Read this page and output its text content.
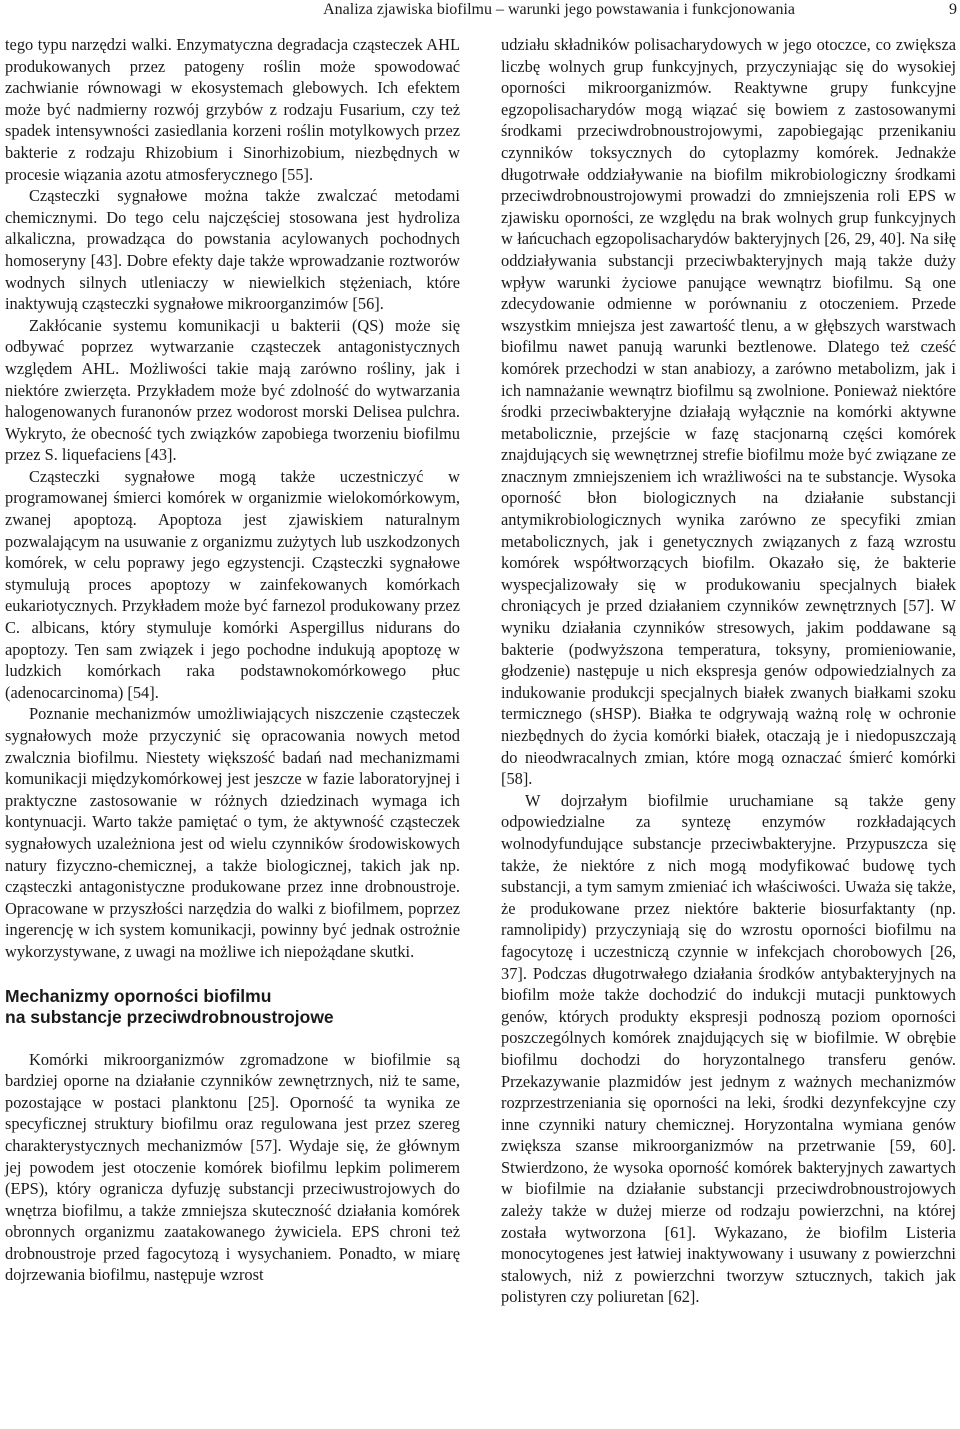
Analiza zjawiska biofilmu – warunki jego powstawania i funkcjonowania	9

tego typu narzędzi walki. Enzymatyczna degradacja cząsteczek AHL produkowanych przez patogeny roślin może spowodować zachwianie równowagi w ekosystemach glebowych. Ich efektem może być nadmierny rozwój grzybów z rodzaju Fusarium, czy też spadek intensywności zasiedlania korzeni roślin motylkowych przez bakterie z rodzaju Rhizobium i Sinorhizobium, niezbędnych w procesie wiązania azotu atmosferycznego [55].

Cząsteczki sygnałowe można także zwalczać metodami chemicznymi. Do tego celu najczęściej stosowana jest hydroliza alkaliczna, prowadząca do powstania acylowanych pochodnych homoseryny [43]. Dobre efekty daje także wprowadzanie roztworów wodnych silnych utleniaczy w niewielkich stężeniach, które inaktywują cząsteczki sygnałowe mikroorganzimów [56].

Zakłócanie systemu komunikacji u bakterii (QS) może się odbywać poprzez wytwarzanie cząsteczek antagonistycznych względem AHL. Możliwości takie mają zarówno rośliny, jak i niektóre zwierzęta. Przykładem może być zdolność do wytwarzania halogenowanych furanonów przez wodorost morski Delisea pulchra. Wykryto, że obecność tych związków zapobiega tworzeniu biofilmu przez S. liquefaciens [43].

Cząsteczki sygnałowe mogą także uczestniczyć w programowanej śmierci komórek w organizmie wielokomórkowym, zwanej apoptozą. Apoptoza jest zjawiskiem naturalnym pozwalającym na usuwanie z organizmu zużytych lub uszkodzonych komórek, w celu poprawy jego egzystencji. Cząsteczki sygnałowe stymulują proces apoptozy w zainfekowanych komórkach eukariotycznych. Przykładem może być farnezol produkowany przez C. albicans, który stymuluje komórki Aspergillus nidurans do apoptozy. Ten sam związek i jego pochodne indukują apoptozę w ludzkich komórkach raka podstawnokomórkowego płuc (adenocarcinoma) [54].

Poznanie mechanizmów umożliwiających niszczenie cząsteczek sygnałowych może przyczynić się opracowania nowych metod zwalcznia biofilmu. Niestety większość badań nad mechanizmami komunikacji międzykomórkowej jest jeszcze w fazie laboratoryjnej i praktyczne zastosowanie w różnych dziedzinach wymaga ich kontynuacji. Warto także pamiętać o tym, że aktywność cząsteczek sygnałowych uzależniona jest od wielu czynników środowiskowych natury fizyczno-chemicznej, a także biologicznej, takich jak np. cząsteczki antagonistyczne produkowane przez inne drobnoustroje. Opracowane w przyszłości narzędzia do walki z biofilmem, poprzez ingerencję w ich system komunikacji, powinny być jednak ostrożnie wykorzystywane, z uwagi na możliwe ich niepożądane skutki.

Mechanizmy oporności biofilmu
na substancje przeciwdrobnoustrojowe

Komórki mikroorganizmów zgromadzone w biofilmie są bardziej oporne na działanie czynników zewnętrznych, niż te same, pozostające w postaci planktonu [25]. Oporność ta wynika ze specyficznej struktury biofilmu oraz regulowana jest przez szereg charakterystycznych mechanizmów [57]. Wydaje się, że głównym jej powodem jest otoczenie komórek biofilmu lepkim polimerem (EPS), który ogranicza dyfuzję substancji przeciwustrojowych do wnętrza biofilmu, a także zmniejsza skuteczność działania komórek obronnych organizmu zaatakowanego żywiciela. EPS chroni też drobnoustroje przed fagocytozą i wysychaniem. Ponadto, w miarę dojrzewania biofilmu, następuje wzrost

udziału składników polisacharydowych w jego otoczce, co zwiększa liczbę wolnych grup funkcyjnych, przyczyniając się do wysokiej oporności mikroorganizmów. Reaktywne grupy funkcyjne egzopolisacharydów mogą wiązać się bowiem z zastosowanymi środkami przeciwdrobnoustrojowymi, zapobiegając przenikaniu czynników toksycznych do cytoplazmy komórek. Jednakże długotrwałe oddziaływanie na biofilm mikrobiologiczny środkami przeciwdrobnoustrojowymi prowadzi do zmniejszenia roli EPS w zjawisku oporności, ze względu na brak wolnych grup funkcyjnych w łańcuchach egzopolisacharydów bakteryjnych [26, 29, 40]. Na siłę oddziaływania substancji przeciwbakteryjnych mają także duży wpływ warunki życiowe panujące wewnątrz biofilmu. Są one zdecydowanie odmienne w porównaniu z otoczeniem. Przede wszystkim mniejsza jest zawartość tlenu, a w głębszych warstwach biofilmu nawet panują warunki beztlenowe. Dlatego też cześć komórek przechodzi w stan anabiozy, a zarówno metabolizm, jak i ich namnażanie wewnątrz biofilmu są zwolnione. Ponieważ niektóre środki przeciwbakteryjne działają wyłącznie na komórki aktywne metabolicznie, przejście w fazę stacjonarną części komórek znajdujących się wewnętrznej strefie biofilmu może być związane ze znacznym zmniejszeniem ich wrażliwości na te substancje. Wysoka oporność błon biologicznych na działanie substancji antymikrobiologicznych wynika zarówno ze specyfiki zmian metabolicznych, jak i genetycznych związanych z fazą wzrostu komórek współtworzących biofilm. Okazało się, że bakterie wyspecjalizowały się w produkowaniu specjalnych białek chroniących je przed działaniem czynników zewnętrznych [57]. W wyniku działania czynników stresowych, jakim poddawane są bakterie (podwyższona temperatura, toksyny, promieniowanie, głodzenie) następuje u nich ekspresja genów odpowiedzialnych za indukowanie produkcji specjalnych białek zwanych białkami szoku termicznego (sHSP). Białka te odgrywają ważną rolę w ochronie niezbędnych do życia komórki białek, otaczają je i niedopuszczają do nieodwracalnych zmian, które mogą oznaczać śmierć komórki [58].

W dojrzałym biofilmie uruchamiane są także geny odpowiedzialne za syntezę enzymów rozkładających wolnodyfundujące substancje przeciwbakteryjne. Przypuszcza się także, że niektóre z nich mogą modyfikować budowę tych substancji, a tym samym zmieniać ich właściwości. Uważa się także, że produkowane przez niektóre bakterie biosurfaktanty (np. ramnolipidy) przyczyniają się do wzrostu oporności biofilmu na fagocytozę i uczestniczą czynnie w infekcjach chorobowych [26, 37]. Podczas długotrwałego działania środków antybakteryjnych na biofilm może także dochodzić do indukcji mutacji punktowych genów, których produkty ekspresji podnoszą poziom oporności poszczególnych komórek znajdujących się w biofilmie. W obrębie biofilmu dochodzi do horyzontalnego transferu genów. Przekazywanie plazmidów jest jednym z ważnych mechanizmów rozprzestrzeniania się oporności na leki, środki dezynfekcyjne czy inne czynniki natury chemicznej. Horyzontalna wymiana genów zwiększa szanse mikroorganizmów na przetrwanie [59, 60]. Stwierdzono, że wysoka oporność komórek bakteryjnych zawartych w biofilmie na działanie substancji przeciwdrobnoustrojowych zależy także w dużej mierze od rodzaju powierzchni, na której została wytworzona [61]. Wykazano, że biofilm Listeria monocytogenes jest łatwiej inaktywowany i usuwany z powierzchni stalowych, niż z powierzchni tworzyw sztucznych, takich jak polistyren czy poliuretan [62].
